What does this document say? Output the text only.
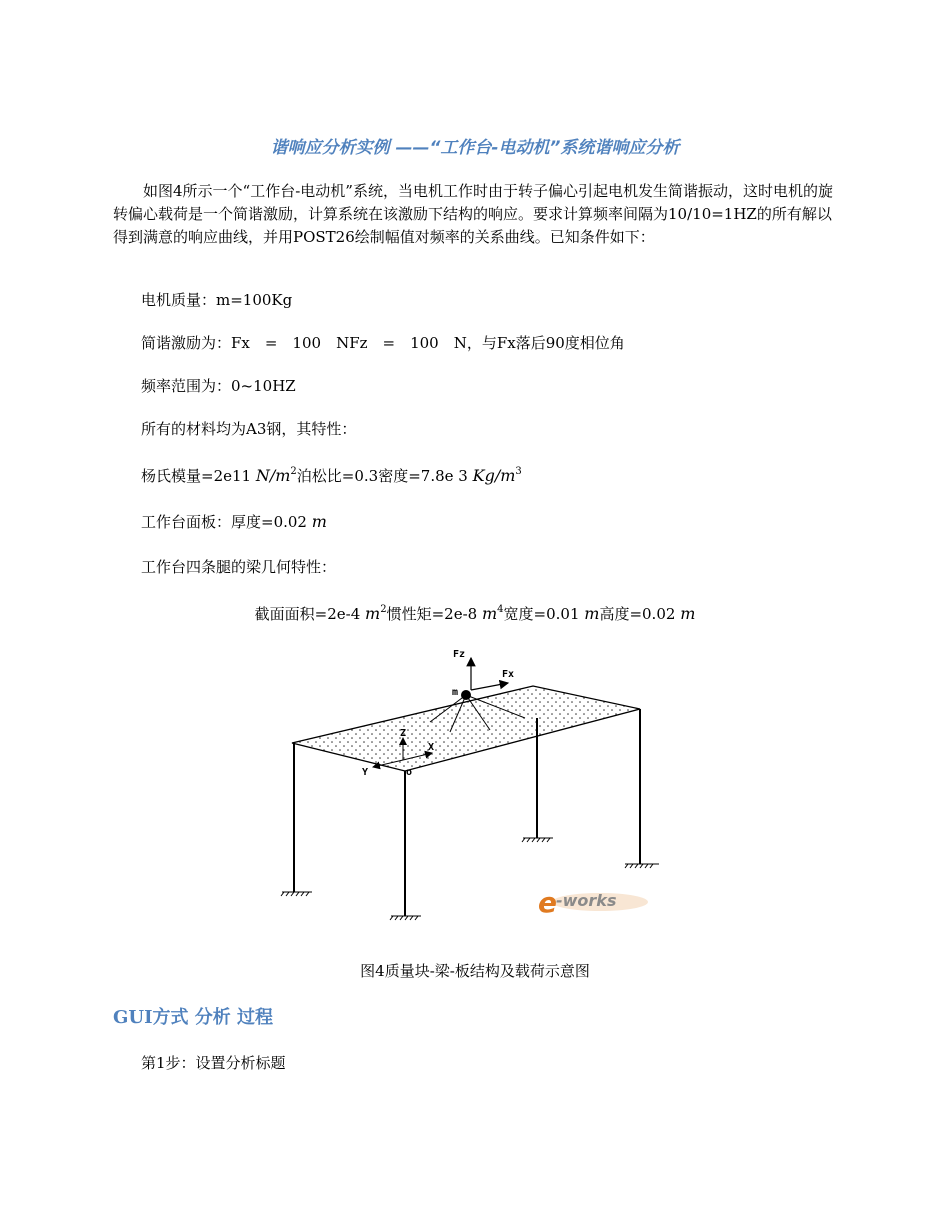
谐响应分析实例 ——“工作台-电动机”系统谐响应分析
如图4所示一个“工作台-电动机”系统，当电机工作时由于转子偏心引起电机发生简谐振动，这时电机的旋转偏心载荷是一个简谐激励，计算系统在该激励下结构的响应。要求计算频率间隔为10/10=1HZ的所有解以得到满意的响应曲线，并用POST26绘制幅值对频率的关系曲线。已知条件如下：
电机质量：m=100Kg
简谐激励为：Fx　=　100　NFz　=　100　N，与Fx落后90度相位角
频率范围为：0~10HZ
所有的材料均为A3钢，其特性：
杨氏模量=2e11 $N/m^2$泊松比=0.3密度=7.8e 3 $Kg/m^3$
工作台面板：厚度=0.02 m
工作台四条腿的梁几何特性：
截面面积=2e-4 $m^2$惯性矩=2e-8 $m^4$宽度=0.01 m高度=0.02 m
Fz
Fx
m
Z
X
Y	o
e -works
图4质量块-梁-板结构及载荷示意图
GUI方式 分析 过程
第1步：设置分析标题
